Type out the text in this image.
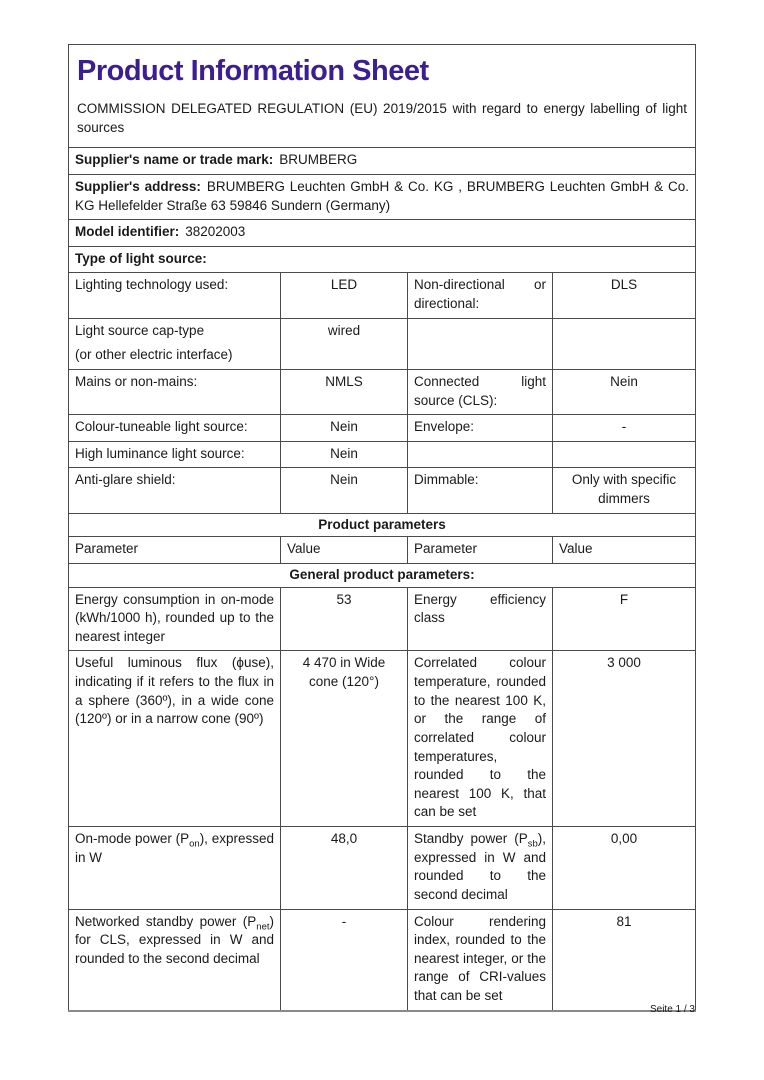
Product Information Sheet
COMMISSION DELEGATED REGULATION (EU) 2019/2015 with regard to energy labelling of light sources			

Supplier's name or trade mark: BRUMBERG			
Supplier's address: BRUMBERG Leuchten GmbH & Co. KG , BRUMBERG Leuchten GmbH & Co. KG Hellefelder Straße 63 59846 Sundern (Germany)			
Model identifier: 38202003			
Type of light source:			
Lighting technology used:	LED	Non-directional or directional:	DLS

Light source cap-type
(or other electric interface)	wired		
Mains or non-mains:	NMLS	Connected light source (CLS):	Nein
Colour-tuneable light source:	Nein	Envelope:	-
High luminance light source:	Nein		
Anti-glare shield:	Nein	Dimmable:	Only with specific dimmers
Product parameters			
Parameter	Value	Parameter	Value
General product parameters:			
Energy consumption in on-mode (kWh/1000 h), rounded up to the nearest integer	53	Energy efficiency class	F
Useful luminous flux (ϕuse), indicating if it refers to the flux in a sphere (360º), in a wide cone (120º) or in a narrow cone (90º)	4 470 in Wide cone (120°)	Correlated colour temperature, rounded to the nearest 100 K, or the range of correlated colour temperatures, rounded to the nearest 100 K, that can be set	3 000
On-mode power $(P_{on})$, expressed in W	48,0	Standby power $(P_{sb})$, expressed in W and rounded to the second decimal	0,00
Networked standby power $(P_{net})$ for CLS, expressed in W and rounded to the second decimal	-	Colour rendering index, rounded to the nearest integer, or the range of CRI-values that can be set	81
Seite 1 / 3
